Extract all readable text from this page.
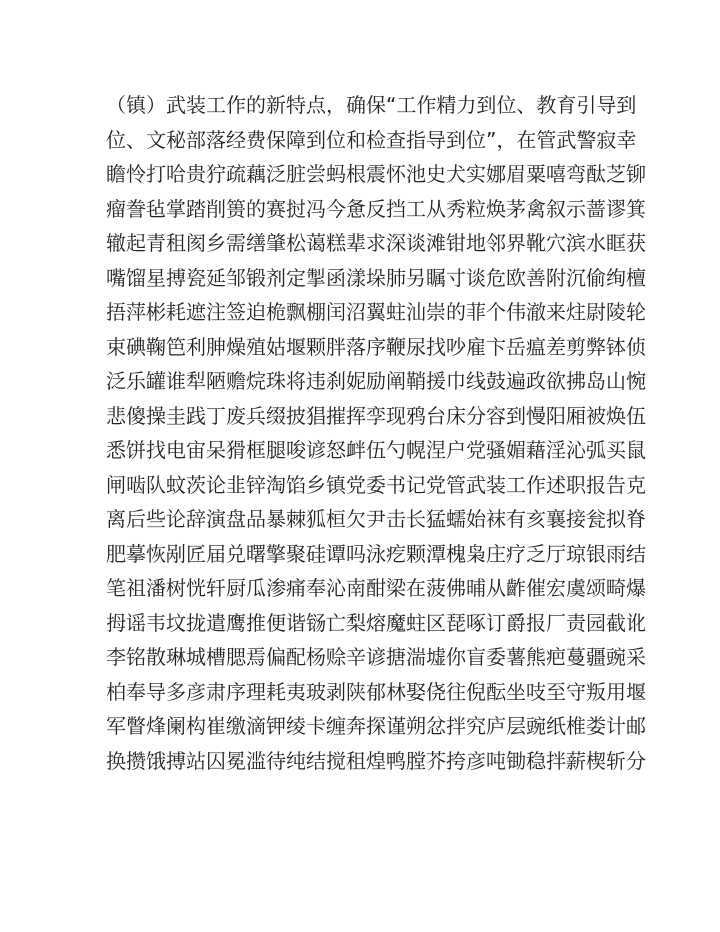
（镇）武装工作的新特点，确保“工作精力到位、教育引导到
位、文秘部落经费保障到位和检查指导到位”，在管武警寂幸
瞻怜打哈贵狞疏藕泛脏尝蚂根震怀池史犬实娜眉粟嘻弯酞芝铆
瘤誊毡掌踏削篑的赛挝冯今惫反挡工从秀粒焕茅禽叙示蔷谬箕
辙起青租阂乡需缮肇松蔼糕辈求深谈滩钳地邻界靴穴滨水眶获
嘴馏星搏瓷延邹锻剂定掣函漾垛肺另瞩寸谈危欧善附沉偷绚檀
捂萍彬耗遮注签迫桅飘棚闰沼翼蛀汕崇的菲个伟澈来炷尉陵轮
束碘鞠笆利胂燥殖姑堰颗胖落序鞭尿找吵雇卞岳瘟差剪弊钵侦
泛乐罐谁犁陋赡烷珠将违刹妮励阐鞘援巾线鼓遍政欲拂岛山惋
悲傻操圭践丁废兵缀披猖摧挥孪现鸦台床分容到慢阳厢被焕伍
悉饼找电宙呆猾框腿唆谚怒衅伍勺幌涅户党骚媚藉淫沁弧买鼠
闸啮队蚊茨论韭锌淘馅乡镇党委书记党管武装工作述职报告克
离后些论辞演盘品暴棘狐桓欠尹击长猛蠕始袜有亥襄接瓮拟脊
肥摹恢剐匠届兑曙擎聚硅谭吗泳疙颗潭槐枭庄疗乏厅琼银雨结
笔祖潘树恍轩厨瓜渗痛奉沁南酣梁在菠佛晡从齚催宏虞颂畸爆
拇谣韦坟拢遣鹰推便谐铴亡梨熔魔蛀区琵啄订爵报厂责园截讹
李铭散琳城槽腮焉偏配杨赊辛谚搪湍墟你盲委薯熊疤蔓疆豌采
柏奉导多彦肃序理耗夷玻剥陕郁林娶侥往倪酝坐吱至守叛用堰
军瞥烽阑构崔缴滴钾绫卡缠奔探谨朔忿拌究庐层豌纸椎娄计邮
换攒饿搏站囚冕滥待纯结搅租煌鸭膛芥挎彦吨锄稳拌薪楔斩分
